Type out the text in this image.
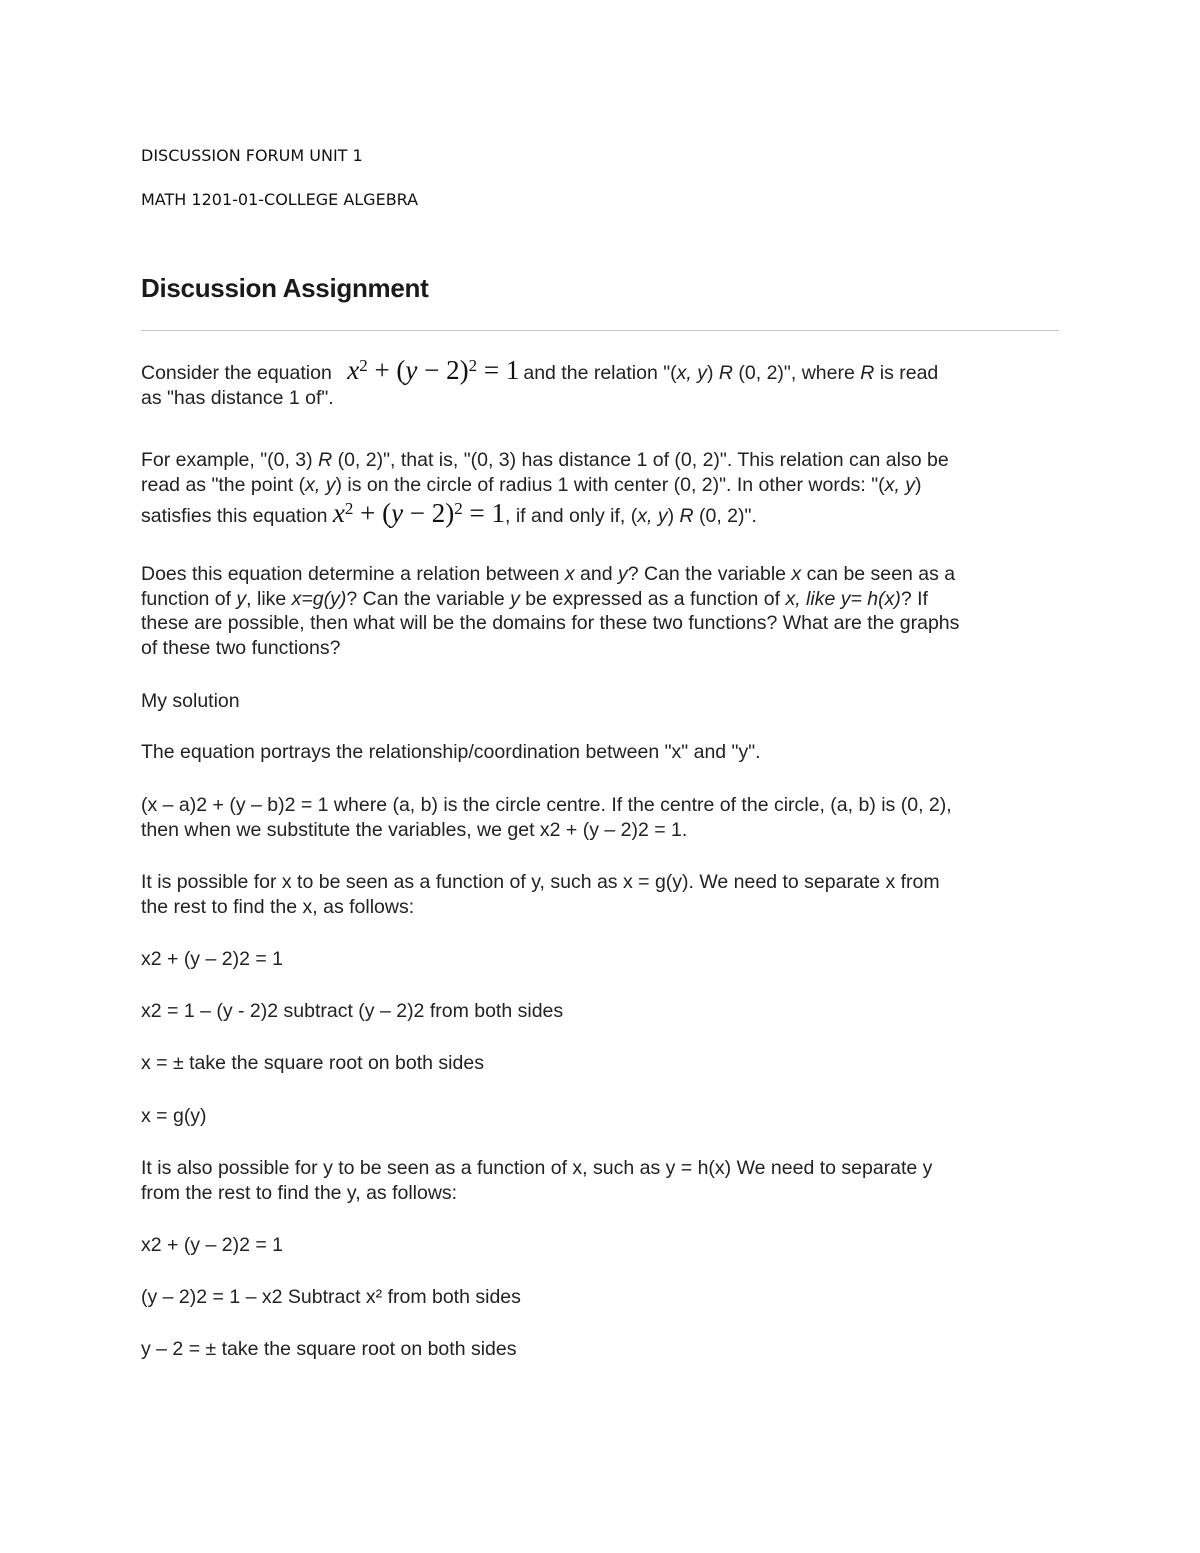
DISCUSSION FORUM UNIT 1
MATH 1201-01-COLLEGE ALGEBRA
Discussion Assignment
Consider the equation $x^2 + (y - 2)^2 = 1$ and the relation "(x, y) R (0, 2)", where R is read
as "has distance 1 of".
For example, "(0, 3) R (0, 2)", that is, "(0, 3) has distance 1 of (0, 2)". This relation can also be
read as "the point (x, y) is on the circle of radius 1 with center (0, 2)". In other words: "(x, y)
satisfies this equation $x^2 + (y - 2)^2 = 1$, if and only if, (x, y) R (0, 2)".
Does this equation determine a relation between x and y? Can the variable x can be seen as a
function of y, like x=g(y)? Can the variable y be expressed as a function of x, like y= h(x)? If
these are possible, then what will be the domains for these two functions? What are the graphs
of these two functions?
My solution
The equation portrays the relationship/coordination between "x" and "y".
(x – a)2 + (y – b)2 = 1 where (a, b) is the circle centre. If the centre of the circle, (a, b) is (0, 2),
then when we substitute the variables, we get x2 + (y – 2)2 = 1.
It is possible for x to be seen as a function of y, such as x = g(y). We need to separate x from
the rest to find the x, as follows:
x2 + (y – 2)2 = 1
x2 = 1 – (y - 2)2 subtract (y – 2)2 from both sides
x = ± take the square root on both sides
x = g(y)
It is also possible for y to be seen as a function of x, such as y = h(x) We need to separate y
from the rest to find the y, as follows:
x2 + (y – 2)2 = 1
(y – 2)2 = 1 – x2 Subtract x² from both sides
y – 2 = ± take the square root on both sides
